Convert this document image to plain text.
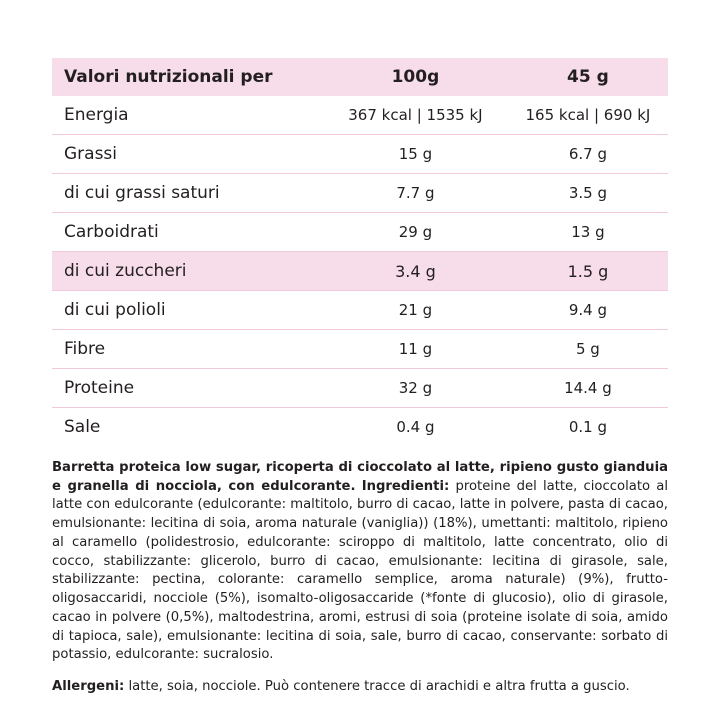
Valori nutrizionali per	100g	45 g
Energia	367 kcal | 1535 kJ	165 kcal | 690 kJ
Grassi	15 g	6.7 g
di cui grassi saturi	7.7 g	3.5 g
Carboidrati	29 g	13 g
di cui zuccheri	3.4 g	1.5 g
di cui polioli	21 g	9.4 g
Fibre	11 g	5 g
Proteine	32 g	14.4 g
Sale	0.4 g	0.1 g

Barretta proteica low sugar, ricoperta di cioccolato al latte, ripieno gusto gianduia e granella di nocciola, con edulcorante. Ingredienti: proteine del latte, cioccolato al latte con edulcorante (edulcorante: maltitolo, burro di cacao, latte in polvere, pasta di cacao, emulsionante: lecitina di soia, aroma naturale (vaniglia)) (18%), umettanti: maltitolo, ripieno al caramello (polidestrosio, edulcorante: sciroppo di maltitolo, latte concentrato, olio di cocco, stabilizzante: glicerolo, burro di cacao, emulsionante: lecitina di girasole, sale, stabilizzante: pectina, colorante: caramello semplice, aroma naturale) (9%), frutto-oligosaccaridi, nocciole (5%), isomalto-oligosaccaride (*fonte di glucosio), olio di girasole, cacao in polvere (0,5%), maltodestrina, aromi, estrusi di soia (proteine isolate di soia, amido di tapioca, sale), emulsionante: lecitina di soia, sale, burro di cacao, conservante: sorbato di potassio, edulcorante: sucralosio.

Allergeni: latte, soia, nocciole. Può contenere tracce di arachidi e altra frutta a guscio.
